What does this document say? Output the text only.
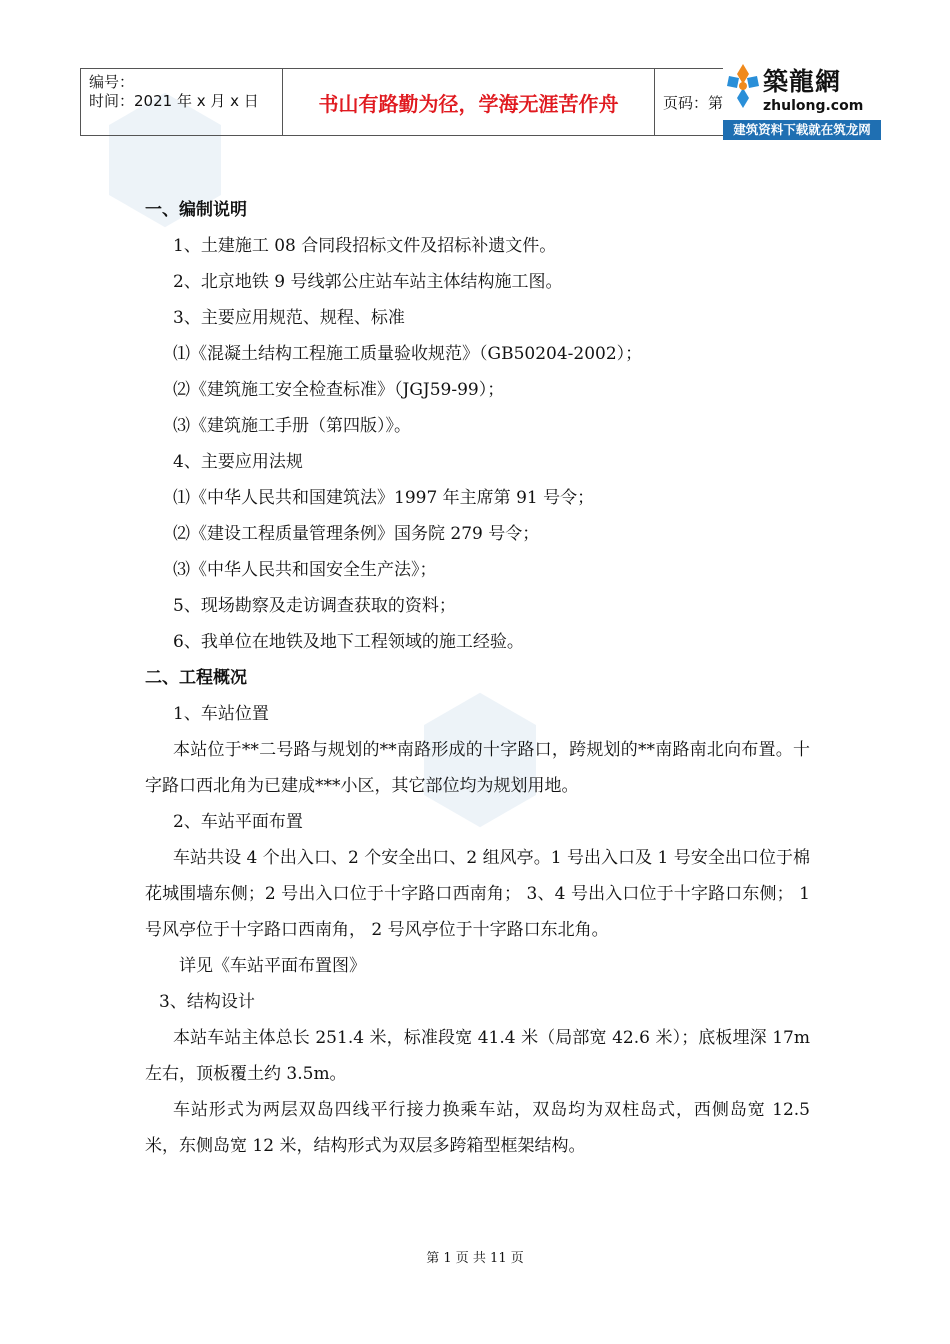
编号：
时间：2021 年 x 月 x 日	书山有路勤为径，学海无涯苦作舟	页码：第
築龍網
zhulong.com
建筑资料下载就在筑龙网
一、编制说明
1、土建施工 08 合同段招标文件及招标补遗文件。
2、北京地铁 9 号线郭公庄站车站主体结构施工图。
3、主要应用规范、规程、标准
⑴《混凝土结构工程施工质量验收规范》（GB50204-2002）；
⑵《建筑施工安全检查标准》（JGJ59-99）；
⑶《建筑施工手册（第四版）》。
4、主要应用法规
⑴《中华人民共和国建筑法》1997 年主席第 91 号令；
⑵《建设工程质量管理条例》国务院 279 号令；
⑶《中华人民共和国安全生产法》；
5、现场勘察及走访调查获取的资料；
6、我单位在地铁及地下工程领域的施工经验。
二、工程概况
1、车站位置
本站位于**二号路与规划的**南路形成的十字路口，跨规划的**南路南北向布置。十字路口西北角为已建成***小区，其它部位均为规划用地。
2、车站平面布置
车站共设 4 个出入口、2 个安全出口、2 组风亭。1 号出入口及 1 号安全出口位于棉花城围墙东侧；2 号出入口位于十字路口西南角； 3、4 号出入口位于十字路口东侧； 1 号风亭位于十字路口西南角， 2 号风亭位于十字路口东北角。
详见《车站平面布置图》
3、结构设计
本站车站主体总长 251.4 米，标准段宽 41.4 米（局部宽 42.6 米）；底板埋深 17m 左右，顶板覆土约 3.5m。
车站形式为两层双岛四线平行接力换乘车站，双岛均为双柱岛式，西侧岛宽 12.5 米，东侧岛宽 12 米，结构形式为双层多跨箱型框架结构。
第 1 页 共 11 页
